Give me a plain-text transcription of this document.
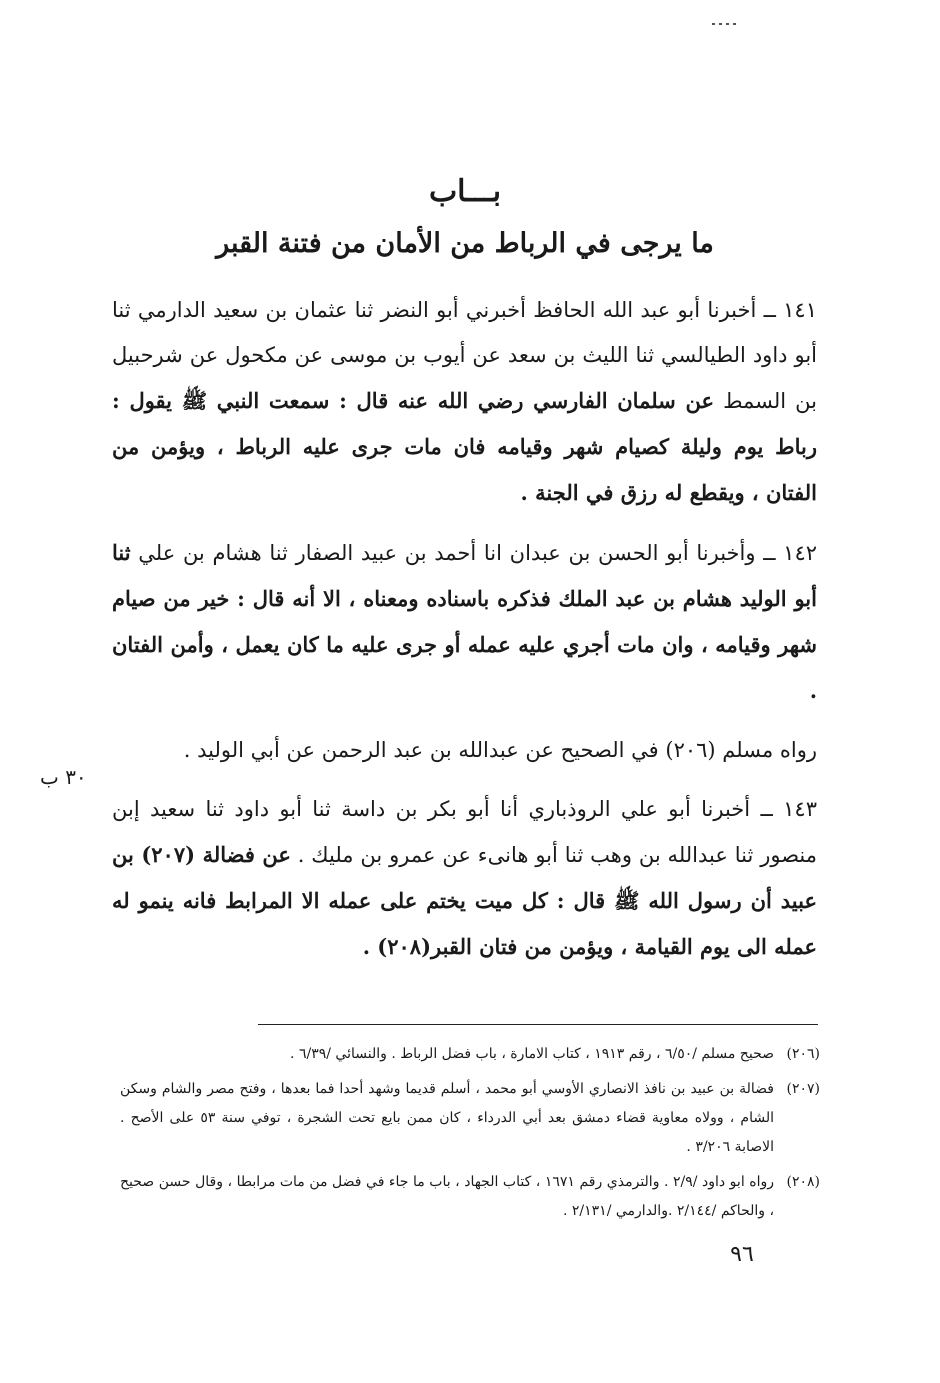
بـــاب
ما يرجى في الرباط من الأمان من فتنة القبر

١٤١ ــ أخبرنا أبو عبد الله الحافظ أخبرني أبو النضر ثنا عثمان بن سعيد الدارمي ثنا أبو داود الطيالسي ثنا الليث بن سعد عن أيوب بن موسى عن مكحول عن شرحبيل بن السمط عن سلمان الفارسي رضي الله عنه قال : سمعت النبي ﷺ يقول : رباط يوم وليلة كصيام شهر وقيامه فان مات جرى عليه الرباط ، ويؤمن من الفتان ، ويقطع له رزق في الجنة .

١٤٢ ــ وأخبرنا أبو الحسن بن عبدان انا أحمد بن عبيد الصفار ثنا هشام بن علي ثنا أبو الوليد هشام بن عبد الملك فذكره باسناده ومعناه ، الا أنه قال : خير من صيام شهر وقيامه ، وان مات أجري عليه عمله أو جرى عليه ما كان يعمل ، وأمن الفتان .

رواه مسلم (٢٠٦) في الصحيح عن عبدالله بن عبد الرحمن عن أبي الوليد .

١٤٣ ــ أخبرنا أبو علي الروذباري أنا أبو بكر بن داسة ثنا أبو داود ثنا سعيد إبن منصور ثنا عبدالله بن وهب ثنا أبو هانىء عن عمرو بن مليك . عن فضالة (٢٠٧) بن عبيد أن رسول الله ﷺ قال : كل ميت يختم على عمله الا المرابط فانه ينمو له عمله الى يوم القيامة ، ويؤمن من فتان القبر(٢٠٨) .

٣٠ ب
(٢٠٦)
صحيح مسلم /٦/٥٠ ، رقم ١٩١٣ ، كتاب الامارة ، باب فضل الرباط . والنسائي /٦/٣٩ .
(٢٠٧)
فضالة بن عبيد بن نافذ الانصاري الأوسي أبو محمد ، أسلم قديما وشهد أحدا فما بعدها ، وفتح مصر والشام وسكن الشام ، وولاه معاوية قضاء دمشق بعد أبي الدرداء ، كان ممن بايع تحت الشجرة ، توفي سنة ٥٣ على الأصح . الاصابة ٣/٢٠٦ .
(٢٠٨)
رواه ابو داود /٢/٩ . والترمذي رقم ١٦٧١ ، كتاب الجهاد ، باب ما جاء في فضل من مات مرابطا ، وقال حسن صحيح ، والحاكم /٢/١٤٤ .والدارمي /٢/١٣١ .
٩٦
